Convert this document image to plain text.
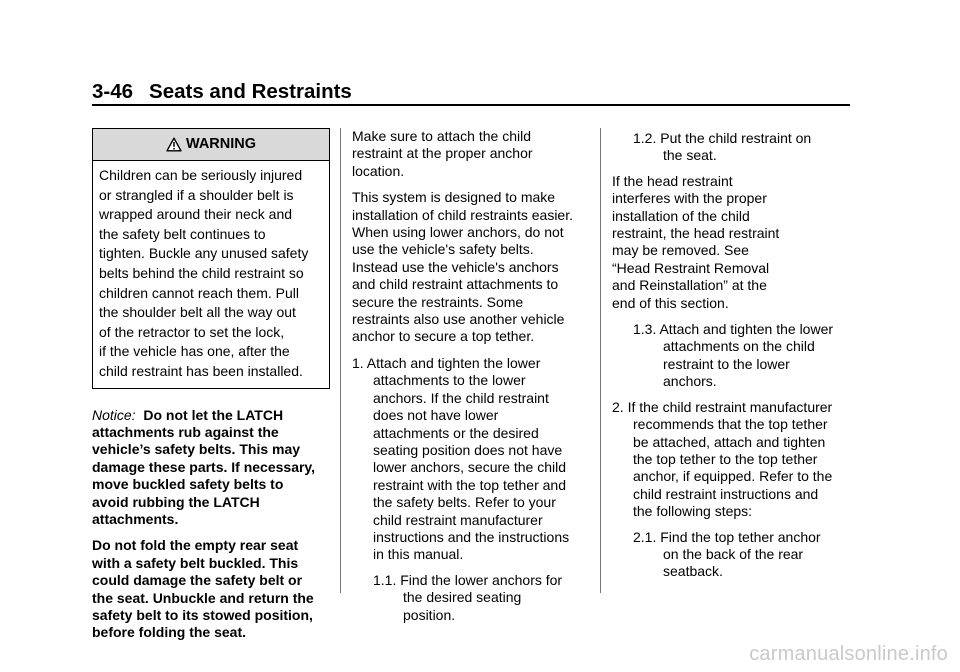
3-46 Seats and Restraints
WARNING
Children can be seriously injured
or strangled if a shoulder belt is
wrapped around their neck and
the safety belt continues to
tighten. Buckle any unused safety
belts behind the child restraint so
children cannot reach them. Pull
the shoulder belt all the way out
of the retractor to set the lock,
if the vehicle has one, after the
child restraint has been installed.

Notice: Do not let the LATCH
attachments rub against the
vehicle’s safety belts. This may
damage these parts. If necessary,
move buckled safety belts to
avoid rubbing the LATCH
attachments.

Do not fold the empty rear seat
with a safety belt buckled. This
could damage the safety belt or
the seat. Unbuckle and return the
safety belt to its stowed position,
before folding the seat.

Make sure to attach the child
restraint at the proper anchor
location.

This system is designed to make
installation of child restraints easier.
When using lower anchors, do not
use the vehicle's safety belts.
Instead use the vehicle's anchors
and child restraint attachments to
secure the restraints. Some
restraints also use another vehicle
anchor to secure a top tether.

1. Attach and tighten the lower
attachments to the lower
anchors. If the child restraint
does not have lower
attachments or the desired
seating position does not have
lower anchors, secure the child
restraint with the top tether and
the safety belts. Refer to your
child restraint manufacturer
instructions and the instructions
in this manual.
1.1. Find the lower anchors for
the desired seating
position.
1.2. Put the child restraint on
the seat.

If the head restraint
interferes with the proper
installation of the child
restraint, the head restraint
may be removed. See
“Head Restraint Removal
and Reinstallation” at the
end of this section.

1.3. Attach and tighten the lower
attachments on the child
restraint to the lower
anchors.
2. If the child restraint manufacturer
recommends that the top tether
be attached, attach and tighten
the top tether to the top tether
anchor, if equipped. Refer to the
child restraint instructions and
the following steps:
2.1. Find the top tether anchor
on the back of the rear
seatback.
carmanualsonline.info
